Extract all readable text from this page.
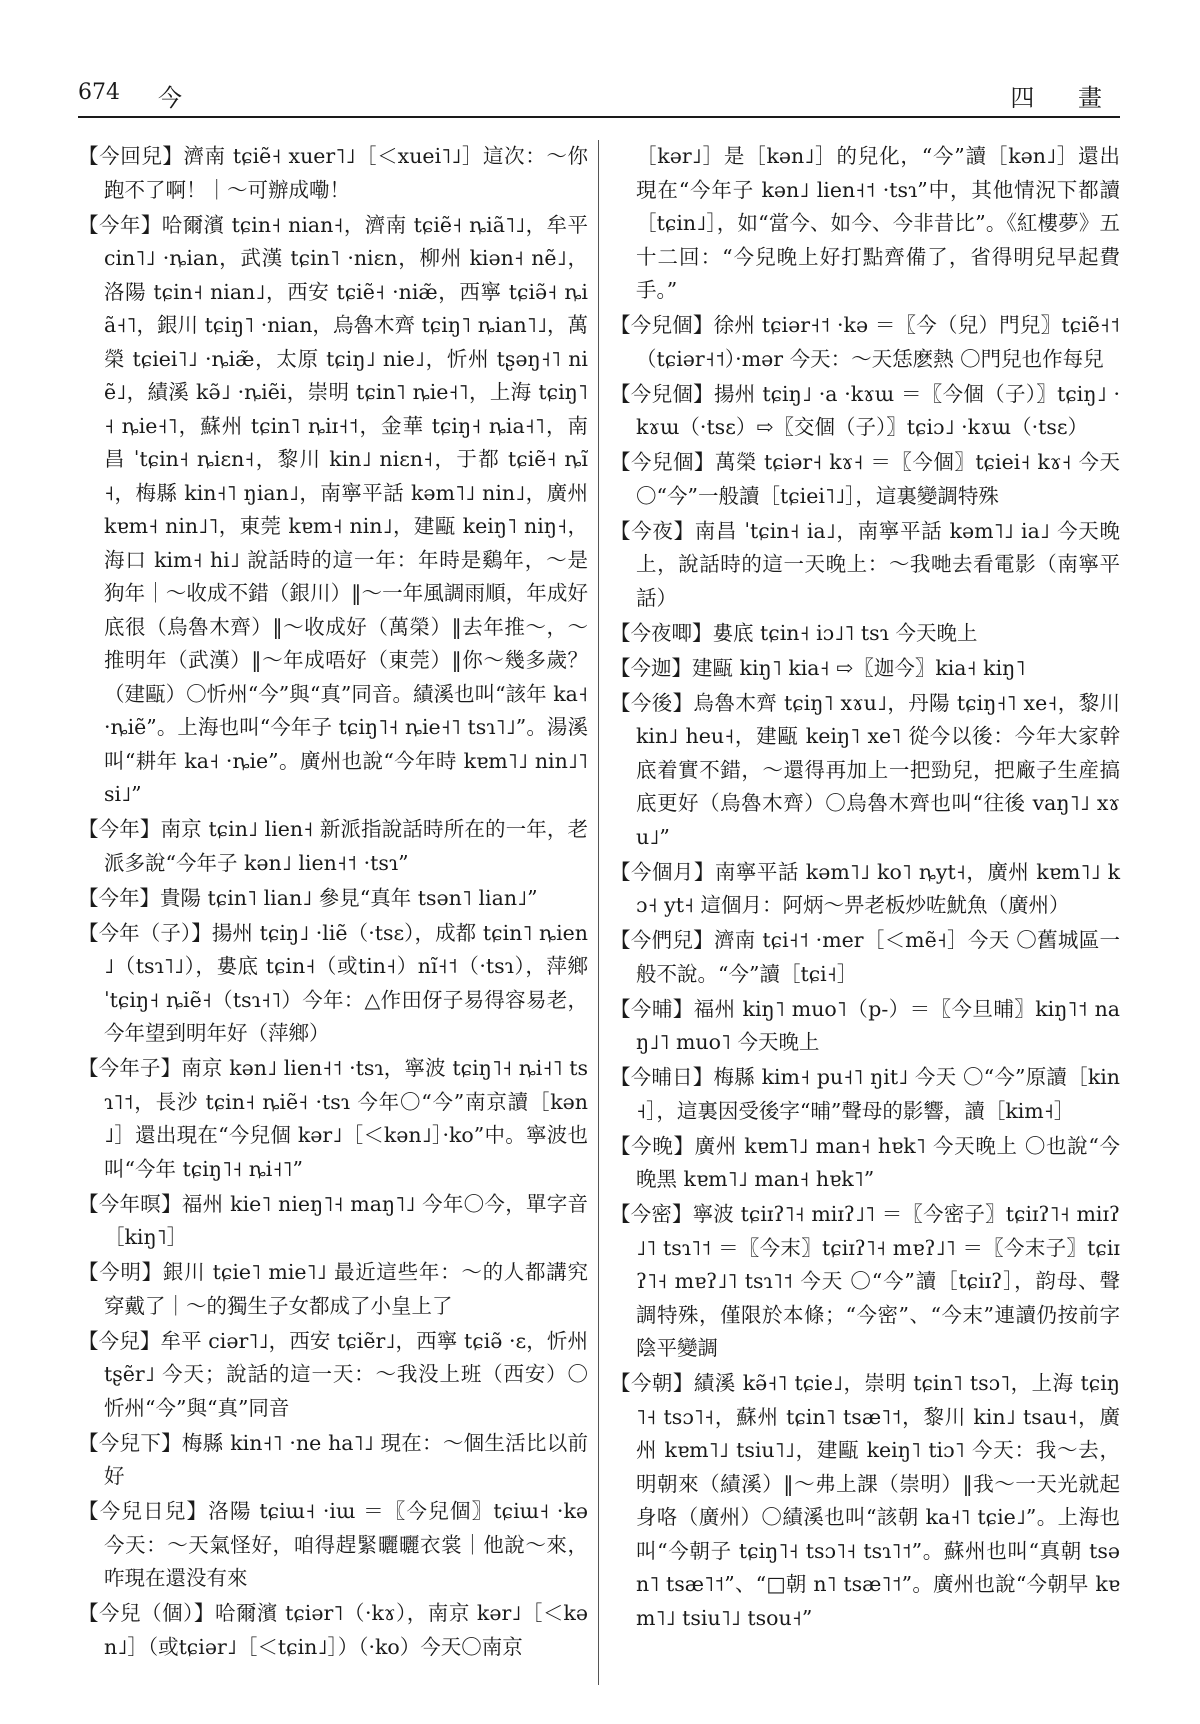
674 今	四 畫

【今回兒】濟南 tɕiẽ˧ xuer˥˩［＜xuei˥˩］這次：～你跑不了啊！｜～可辦成嘞！

【今年】哈爾濱 tɕin˧ nian˧，濟南 tɕiẽ˧ ȵiã˥˩，牟平 cin˥˩ ·ȵian，武漢 tɕin˥ ·niɛn，柳州 kiən˧ nẽ˩，洛陽 tɕin˧ nian˩，西安 tɕiẽ˧ ·niæ̃，西寧 tɕiə̃˧ ȵiã˧˥，銀川 tɕiŋ˥ ·nian，烏魯木齊 tɕiŋ˥ ȵian˥˩，萬榮 tɕiei˥˩ ·ȵiæ̃，太原 tɕiŋ˩ nie˩，忻州 tʂəŋ˧˥ niẽ˩，績溪 kə̃˩ ·ȵiẽi，崇明 tɕin˥ ȵie˧˥，上海 tɕiŋ˥˧ ȵie˧˥，蘇州 tɕin˥ ȵiɪ˧˦，金華 tɕiŋ˧ ȵia˧˥，南昌 ˈtɕin˧ ȵiɛn˧，黎川 kin˩ niɛn˧，于都 tɕiẽ˧ ȵĩ˧，梅縣 kin˧˥ ŋian˩，南寧平話 kəm˥˩ nin˩，廣州 kɐm˧ nin˩˥，東莞 kɐm˧ nin˩，建甌 keiŋ˥ niŋ˧，海口 kim˧ hi˩ 說話時的這一年：年時是鷄年，～是狗年｜～收成不錯（銀川）‖～一年風調雨順，年成好底很（烏魯木齊）‖～收成好（萬榮）‖去年推～，～推明年（武漢）‖～年成唔好（東莞）‖你～幾多歲？（建甌）〇忻州“今”與“真”同音。績溪也叫“該年 ka˧ ·ȵiẽ”。上海也叫“今年子 tɕiŋ˥˧ ȵie˧˥ tsɿ˥˩”。湯溪叫“耕年 ka˧ ·ȵie”。廣州也說“今年時 kɐm˥˩ nin˩˥ si˩”

【今年】南京 tɕin˩ lien˧ 新派指說話時所在的一年，老派多說“今年子 kən˩ lien˧˦ ·tsɿ”

【今年】貴陽 tɕin˥ lian˩ 參見“真年 tsən˥ lian˩”

【今年（子）】揚州 tɕiŋ˩ ·liẽ（·tsɛ），成都 tɕin˥ ȵien˩（tsɿ˥˩），婁底 tɕin˧（或tin˧）nĩ˧˦（·tsɿ），萍鄉 ˈtɕiŋ˧ ȵiẽ˧（tsɿ˧˥）今年：△作田伢子易得容易老，今年望到明年好（萍鄉）

【今年子】南京 kən˩ lien˧˦ ·tsɿ，寧波 tɕiŋ˥˧ ȵi˧˥ tsɿ˥˦，長沙 tɕin˧ ȵiẽ˧ ·tsɿ 今年〇“今”南京讀［kən˩］還出現在“今兒個 kər˩［＜kən˩］·ko”中。寧波也叫“今年 tɕiŋ˥˧ ȵi˧˥”

【今年暝】福州 kie˥ nieŋ˥˧ maŋ˥˩ 今年〇今，單字音［kiŋ˥］

【今明】銀川 tɕie˥ mie˥˩ 最近這些年：～的人都講究穿戴了｜～的獨生子女都成了小皇上了

【今兒】牟平 ciər˥˩，西安 tɕiẽr˩，西寧 tɕiə̃ ·ɛ，忻州 tʂẽr˩ 今天；說話的這一天：～我没上班（西安）〇忻州“今”與“真”同音

【今兒下】梅縣 kin˧˥ ·ne ha˥˩ 現在：～個生活比以前好

【今兒日兒】洛陽 tɕiɯ˧ ·iɯ ＝〖今兒個〗tɕiɯ˧ ·kə 今天：～天氣怪好，咱得趕緊曬曬衣裳｜他說～來，咋現在還没有來

【今兒（個）】哈爾濱 tɕiər˥（·kɤ），南京 kər˩［＜kən˩］（或tɕiər˩［＜tɕin˩］）（·ko）今天〇南京

［kər˩］是［kən˩］的兒化，“今”讀［kən˩］還出現在“今年子 kən˩ lien˧˦ ·tsɿ”中，其他情況下都讀［tɕin˩］，如“當今、如今、今非昔比”。《紅樓夢》五十二回：“今兒晚上好打點齊備了，省得明兒早起費手。”

【今兒個】徐州 tɕiər˧˦ ·kə ＝〖今（兒）門兒〗tɕiẽ˧˦（tɕiər˧˦）·mər 今天：～天恁麽熱 〇門兒也作每兒

【今兒個】揚州 tɕiŋ˩ ·a ·kɤɯ ＝〖今個（子）〗tɕiŋ˩ ·kɤɯ（·tsɛ）⇨〖交個（子）〗tɕiɔ˩ ·kɤɯ（·tsɛ）

【今兒個】萬榮 tɕiər˧ kɤ˧ ＝〖今個〗tɕiei˧ kɤ˧ 今天 〇“今”一般讀［tɕiei˥˩］，這裏變調特殊

【今夜】南昌 ˈtɕin˧ ia˩，南寧平話 kəm˥˩ ia˩ 今天晚上，說話時的這一天晚上：～我哋去看電影（南寧平話）

【今夜唧】婁底 tɕin˧ iɔ˩˥ tsɿ 今天晚上

【今迦】建甌 kiŋ˥ kia˧ ⇨〖迦今〗kia˧ kiŋ˥

【今後】烏魯木齊 tɕiŋ˥ xɤu˩，丹陽 tɕiŋ˧˥ xe˧，黎川 kin˩ heu˧，建甌 keiŋ˥ xe˥ 從今以後：今年大家幹底着實不錯，～還得再加上一把勁兒，把廠子生産搞底更好（烏魯木齊）〇烏魯木齊也叫“往後 vaŋ˥˩ xɤu˩”

【今個月】南寧平話 kəm˥˩ ko˥ ȵyt˧，廣州 kɐm˥˩ kɔ˧ yt˧ 這個月：阿炳～畀老板炒咗魷魚（廣州）

【今們兒】濟南 tɕi˧˦ ·mer［＜mẽ˧］今天 〇舊城區一般不說。“今”讀［tɕi˧］

【今晡】福州 kiŋ˥ muo˥（p-）＝〖今旦晡〗kiŋ˥˦ naŋ˩˥ muo˥ 今天晚上

【今晡日】梅縣 kim˧ pu˧˥ ŋit˩ 今天 〇“今”原讀［kin˧］，這裏因受後字“晡”聲母的影響，讀［kim˧］

【今晚】廣州 kɐm˥˩ man˧ hɐk˥ 今天晚上 〇也說“今晚黑 kɐm˥˩ man˧ hɐk˥”

【今密】寧波 tɕiɪʔ˥˧ miɪʔ˩˥ ＝〖今密子〗tɕiɪʔ˥˧ miɪʔ˩˥ tsɿ˥˦ ＝〖今末〗tɕiɪʔ˥˧ mɐʔ˩˥ ＝〖今末子〗tɕiɪʔ˥˧ mɐʔ˩˥ tsɿ˥˦ 今天 〇“今”讀［tɕiɪʔ］，韵母、聲調特殊，僅限於本條；“今密”、“今末”連讀仍按前字陰平變調

【今朝】績溪 kə̃˧˥ tɕie˩，崇明 tɕin˥ tsɔ˥，上海 tɕiŋ˥˧ tsɔ˥˧，蘇州 tɕin˥ tsæ˥˦，黎川 kin˩ tsau˧，廣州 kɐm˥˩ tsiu˥˩，建甌 keiŋ˥ tiɔ˥ 今天：我～去，明朝來（績溪）‖～弗上課（崇明）‖我～一天光就起身咯（廣州）〇績溪也叫“該朝 ka˧˥ tɕie˩”。上海也叫“今朝子 tɕiŋ˥˧ tsɔ˥˧ tsɿ˥˦”。蘇州也叫“真朝 tsən˥ tsæ˥˦”、“□朝 n˥ tsæ˥˦”。廣州也說“今朝早 kɐm˥˩ tsiu˥˩ tsou˧”
